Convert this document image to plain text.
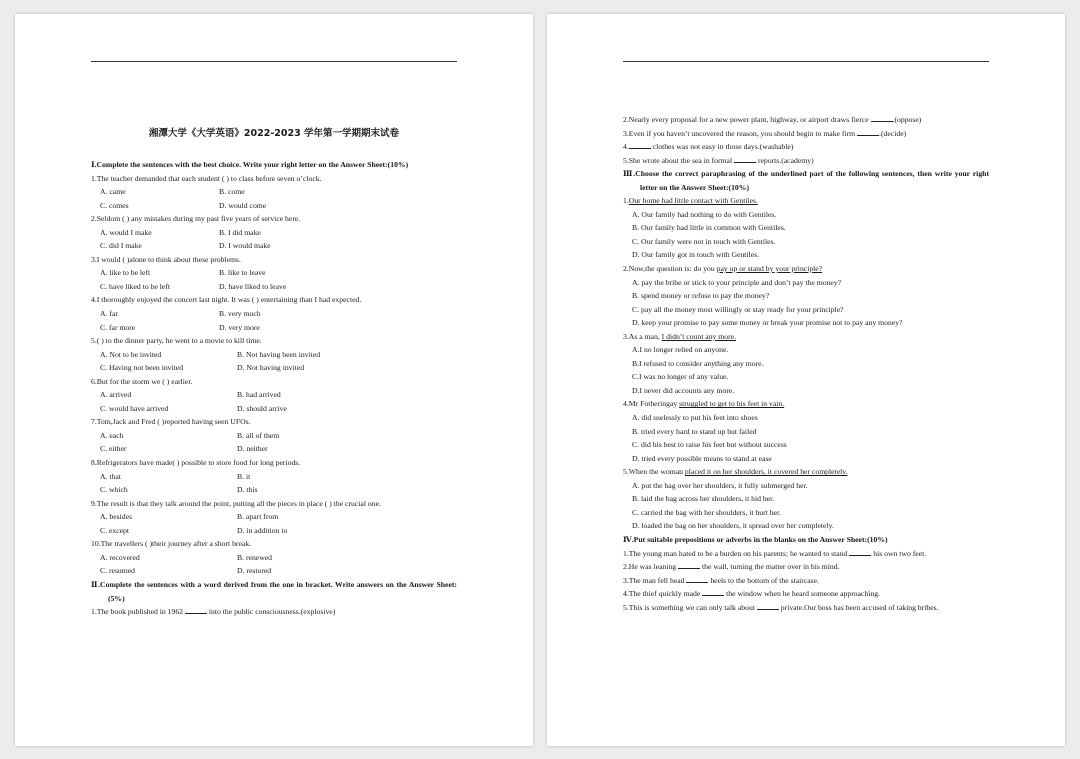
湘潭大学《大学英语》2022-2023 学年第一学期期末试卷

Ⅰ.Complete the sentences with the best choice. Write your right letter on the Answer Sheet:(10%)

1.The teacher demanded that each student ( ) to class before seven o’clock.

A. came	B. come
C. comes	D. would come

2.Seldom ( ) any mistakes during my past five years of service here.

A. would I make	B. I did make
C. did I make	D. I would make

3.I would ( )alone to think about these problems.

A. like to be left	B. like to leave
C. have liked to be left	D. have liked to leave

4.I thoroughly enjoyed the concert last night. It was ( ) entertaining than I had expected.

A. far	B. very much
C. far more	D. very more

5.( ) to the dinner party, he went to a movie to kill time.

A. Not to be invited	B. Not having been invited
C. Having not been invited	D. Not having invited

6.But for the storm we ( ) earlier.

A. arrived	B. had arrived
C. would have arrived	D. should arrive

7.Tom,Jack and Fred ( )reported having seen UFOs.

A. each	B. all of them
C. either	D. neither

8.Refrigerators have made( ) possible to store food for long periods.

A. that	B. it
C. which	D. this

9.The result is that they talk around the point, putting all the pieces in place ( ) the crucial one.

A. besides	B. apart from
C. except	D. in addition to

10.The travellers ( )their journey after a short break.

A. recovered	B. renewed
C. resumed	D. restored

Ⅱ.Complete the sentences with a word derived from the one in bracket. Write answers on the Answer Sheet:(5%)

1.The book published in 1962	into the public consciousness.(explosive)

2.Nearly every proposal for a new power plant, highway, or airport draws fierce	.(oppose)

3.Even if you haven’t uncovered the reason, you should begin to make firm	.(decide)

4.	clothes was not easy in those days.(washable)

5.She wrote about the sea in formal	reports.(academy)

Ⅲ.Choose the correct paraphrasing of the underlined part of the following sentences, then write your right letter on the Answer Sheet:(10%)

1.Our home had little contact with Gentiles.

A. Our family had nothing to do with Gentiles.

B. Our family had little in common with Gentiles.

C. Our family were not in touch with Gentiles.

D. Our family got in touch with Gentiles.

2.Now,the question is: do you pay up or stand by your principle?

A. pay the bribe or stick to your principle and don’t pay the money?

B. spend money or refuse to pay the money?

C. pay all the money most willingly or stay ready for your principle?

D. keep your promise to pay some money or break your promise not to pay any money?

3.As a man, I didn’t count any more.

A.I no longer relied on anyone.

B.I refused to consider anything any more.

C.I was no longer of any value.

D.I never did accounts any more.

4.Mr Fotheringay struggled to get to his feet in vain.

A. did uselessly to put his feet into shoes

B. tried every hard to stand up but failed

C. did his best to raise his feet but without success

D. tried every possible means to stand at ease

5.When the woman placed it on her shoulders, it covered her completely.

A. put the bag over her shoulders, it fully submerged her.

B. laid the bag across her shoulders, it hid her.

C. carried the bag with her shoulders, it hurt her.

D. loaded the bag on her shoulders, it spread over her completely.

Ⅳ.Put suitable prepositions or adverbs in the blanks on the Answer Sheet:(10%)

1.The young man hated to be a burden on his parents; he wanted to stand	his own two feet.

2.He was leaning	the wall, turning the matter over in his mind.

3.The man fell head	heels to the bottom of the staircase.

4.The thief quickly made	the window when he heard someone approaching.

5.This is something we can only talk about	private.Our boss has been accused of taking bribes.
